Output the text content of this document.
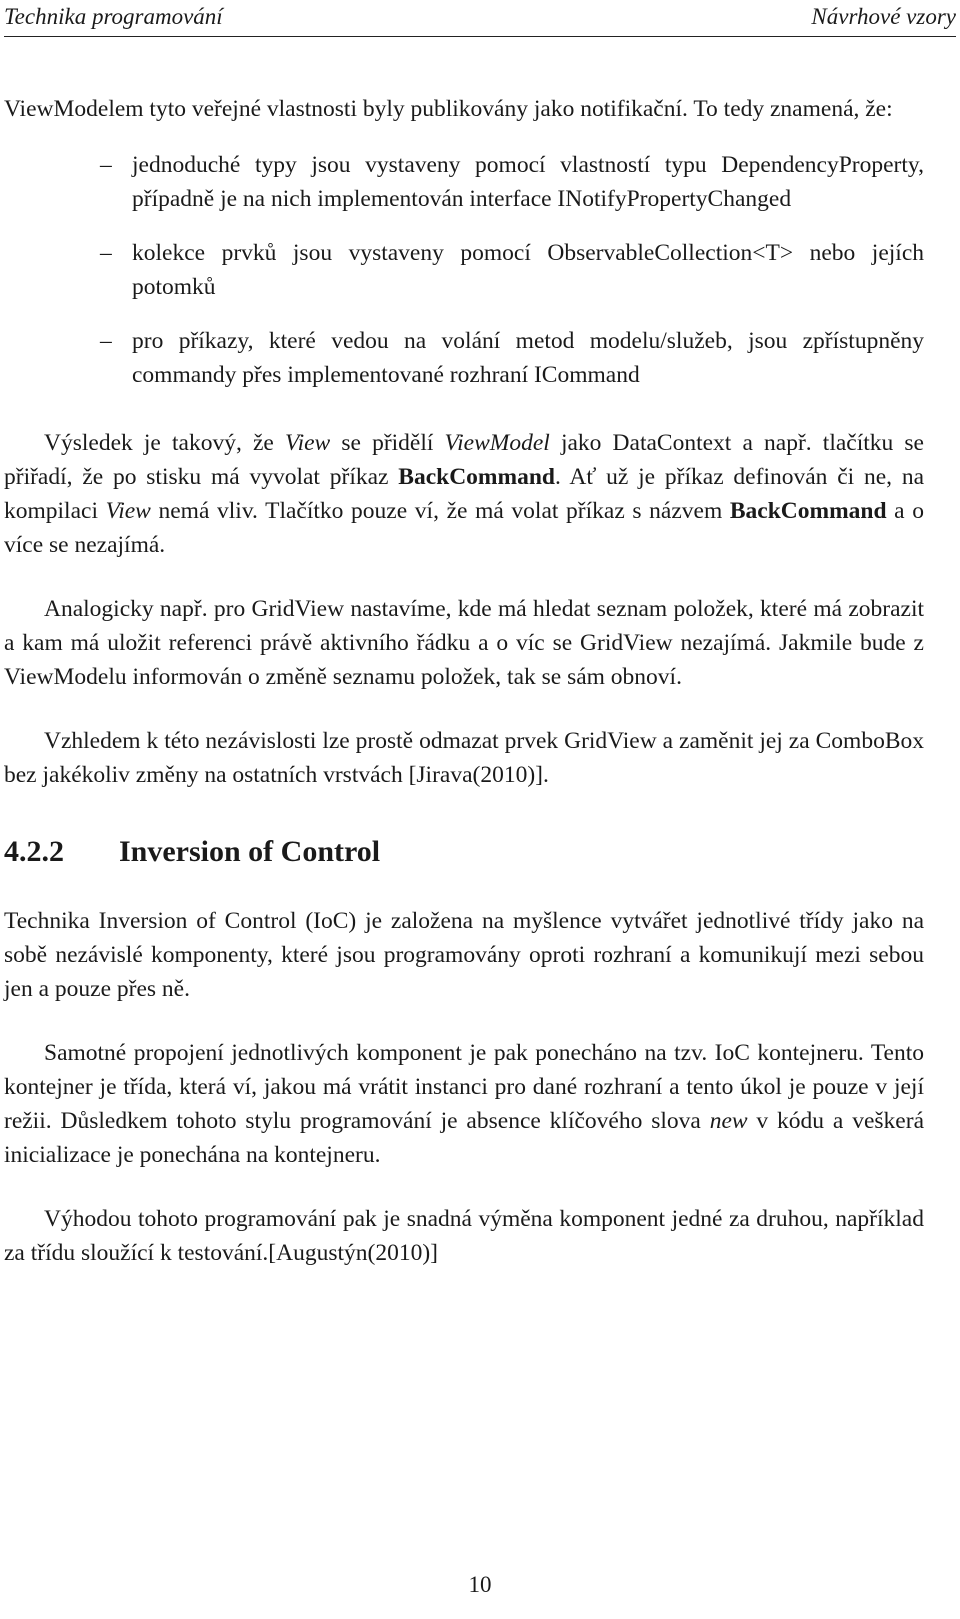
Technika programování	Návrhové vzory

ViewModelem tyto veřejné vlastnosti byly publikovány jako notifikační. To tedy znamená, že:

– jednoduché typy jsou vystaveny pomocí vlastností typu DependencyProperty, případně je na nich implementován interface INotifyPropertyChanged
– kolekce prvků jsou vystaveny pomocí ObservableCollection<T> nebo jejích potomků
– pro příkazy, které vedou na volání metod modelu/služeb, jsou zpřístupněny commandy přes implementované rozhraní ICommand

Výsledek je takový, že View se přidělí ViewModel jako DataContext a např. tlačítku se přiřadí, že po stisku má vyvolat příkaz BackCommand. Ať už je příkaz definován či ne, na kompilaci View nemá vliv. Tlačítko pouze ví, že má volat příkaz s názvem BackCommand a o více se nezajímá.

Analogicky např. pro GridView nastavíme, kde má hledat seznam položek, které má zobrazit a kam má uložit referenci právě aktivního řádku a o víc se GridView nezajímá. Jakmile bude z ViewModelu informován o změně seznamu položek, tak se sám obnoví.

Vzhledem k této nezávislosti lze prostě odmazat prvek GridView a zaměnit jej za ComboBox bez jakékoliv změny na ostatních vrstvách [Jirava(2010)].

4.2.2 Inversion of Control

Technika Inversion of Control (IoC) je založena na myšlence vytvářet jednotlivé třídy jako na sobě nezávislé komponenty, které jsou programovány oproti rozhraní a komunikují mezi sebou jen a pouze přes ně.

Samotné propojení jednotlivých komponent je pak ponecháno na tzv. IoC kontejneru. Tento kontejner je třída, která ví, jakou má vrátit instanci pro dané rozhraní a tento úkol je pouze v její režii. Důsledkem tohoto stylu programování je absence klíčového slova new v kódu a veškerá inicializace je ponechána na kontejneru.

Výhodou tohoto programování pak je snadná výměna komponent jedné za druhou, například za třídu sloužící k testování.[Augustýn(2010)]

10
